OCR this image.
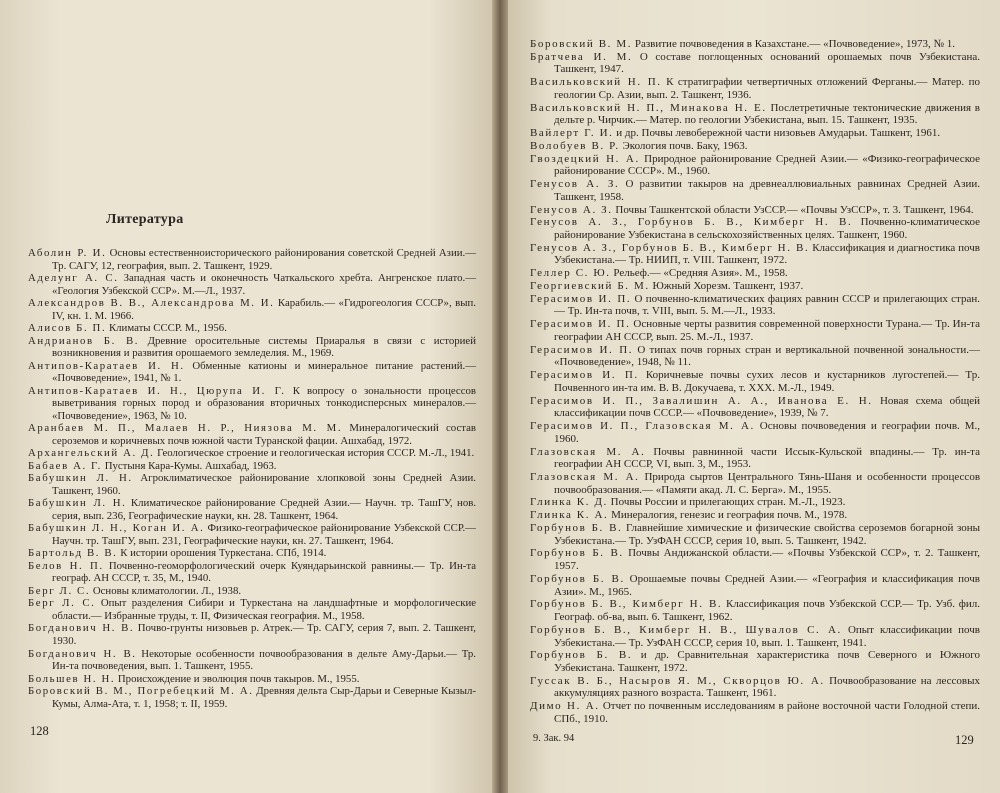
Литература
Аболин Р. И. Основы естественноисторического районирования советской Средней Азии.— Тр. САГУ, 12, география, вып. 2. Ташкент, 1929.
Аделунг А. С. Западная часть и оконечность Чаткальского хребта. Ангренское плато.— «Геология Узбекской ССР». М.—Л., 1937.
Александров В. В., Александрова М. И. Карабиль.— «Гидрогеология СССР», вып. IV, кн. 1. М. 1966.
Алисов Б. П. Климаты СССР. М., 1956.
Андрианов Б. В. Древние оросительные системы Приаралья в связи с историей возникновения и развития орошаемого земледелия. М., 1969.
Антипов-Каратаев И. Н. Обменные катионы и минеральное питание растений.— «Почвоведение», 1941, № 1.
Антипов-Каратаев И. Н., Цюрупа И. Г. К вопросу о зональности процессов выветривания горных пород и образования вторичных тонкодисперсных минералов.— «Почвоведение», 1963, № 10.
Аранбаев М. П., Малаев Н. Р., Ниязова М. М. Минералогический состав сероземов и коричневых почв южной части Туранской фации. Ашхабад, 1972.
Архангельский А. Д. Геологическое строение и геологическая история СССР. М.-Л., 1941.
Бабаев А. Г. Пустыня Кара-Кумы. Ашхабад, 1963.
Бабушкин Л. Н. Агроклиматическое районирование хлопковой зоны Средней Азии. Ташкент, 1960.
Бабушкин Л. Н. Климатическое районирование Средней Азии.— Научн. тр. ТашГУ, нов. серия, вып. 236, Географические науки, кн. 28. Ташкент, 1964.
Бабушкин Л. Н., Коган И. А. Физико-географическое районирование Узбекской ССР.— Научн. тр. ТашГУ, вып. 231, Географические науки, кн. 27. Ташкент, 1964.
Бартольд В. В. К истории орошения Туркестана. СПб, 1914.
Белов Н. П. Почвенно-геоморфологический очерк Куяндарьинской равнины.— Тр. Ин-та географ. АН СССР, т. 35, М., 1940.
Берг Л. С. Основы климатологии. Л., 1938.
Берг Л. С. Опыт разделения Сибири и Туркестана на ландшафтные и морфологические области.— Избранные труды, т. II, Физическая география. М., 1958.
Богданович Н. В. Почво-грунты низовьев р. Атрек.— Тр. САГУ, серия 7, вып. 2. Ташкент, 1930.
Богданович Н. В. Некоторые особенности почвообразования в дельте Аму-Дарьи.— Тр. Ин-та почвоведения, вып. 1. Ташкент, 1955.
Большев Н. Н. Происхождение и эволюция почв такыров. М., 1955.
Боровский В. М., Погребецкий М. А. Древняя дельта Сыр-Дарьи и Северные Кызыл-Кумы, Алма-Ата, т. 1, 1958; т. II, 1959.
128
Боровский В. М. Развитие почвоведения в Казахстане.— «Почвоведение», 1973, № 1.
Братчева И. М. О составе поглощенных оснований орошаемых почв Узбекистана. Ташкент, 1947.
Васильковский Н. П. К стратиграфии четвертичных отложений Ферганы.— Матер. по геологии Ср. Азии, вып. 2. Ташкент, 1936.
Васильковский Н. П., Минакова Н. Е. Послетретичные тектонические движения в дельте р. Чирчик.— Матер. по геологии Узбекистана, вып. 15. Ташкент, 1935.
Вайлерт Г. И. и др. Почвы левобережной части низовьев Амударьи. Ташкент, 1961.
Волобуев В. Р. Экология почв. Баку, 1963.
Гвоздецкий Н. А. Природное районирование Средней Азии.— «Физико-географическое районирование СССР». М., 1960.
Генусов А. З. О развитии такыров на древнеаллювиальных равнинах Средней Азии. Ташкент, 1958.
Генусов А. З. Почвы Ташкентской области УзССР.— «Почвы УзССР», т. 3. Ташкент, 1964.
Генусов А. З., Горбунов Б. В., Кимберг Н. В. Почвенно-климатическое районирование Узбекистана в сельскохозяйственных целях. Ташкент, 1960.
Генусов А. З., Горбунов Б. В., Кимберг Н. В. Классификация и диагностика почв Узбекистана.— Тр. НИИП, т. VIII. Ташкент, 1972.
Геллер С. Ю. Рельеф.— «Средняя Азия». М., 1958.
Георгиевский Б. М. Южный Хорезм. Ташкент, 1937.
Герасимов И. П. О почвенно-климатических фациях равнин СССР и прилегающих стран.— Тр. Ин-та почв, т. VIII, вып. 5. М.—Л., 1933.
Герасимов И. П. Основные черты развития современной поверхности Турана.— Тр. Ин-та географии АН СССР, вып. 25. М.-Л., 1937.
Герасимов И. П. О типах почв горных стран и вертикальной почвенной зональности.— «Почвоведение», 1948, № 11.
Герасимов И. П. Коричневые почвы сухих лесов и кустарников лугостепей.— Тр. Почвенного ин-та им. В. В. Докучаева, т. XXX. М.-Л., 1949.
Герасимов И. П., Завалишин А. А., Иванова Е. Н. Новая схема общей классификации почв СССР.— «Почвоведение», 1939, № 7.
Герасимов И. П., Глазовская М. А. Основы почвоведения и географии почв. М., 1960.
Глазовская М. А. Почвы равнинной части Иссык-Кульской впадины.— Тр. ин-та географии АН СССР, VI, вып. 3, М., 1953.
Глазовская М. А. Природа сыртов Центрального Тянь-Шаня и особенности процессов почвообразования.— «Памяти акад. Л. С. Берга». М., 1955.
Глинка К. Д. Почвы России и прилегающих стран. М.-Л., 1923.
Глинка К. А. Минералогия, генезис и география почв. М., 1978.
Горбунов Б. В. Главнейшие химические и физические свойства сероземов богарной зоны Узбекистана.— Тр. УзФАН СССР, серия 10, вып. 5. Ташкент, 1942.
Горбунов Б. В. Почвы Андижанской области.— «Почвы Узбекской ССР», т. 2. Ташкент, 1957.
Горбунов Б. В. Орошаемые почвы Средней Азии.— «География и классификация почв Азии». М., 1965.
Горбунов Б. В., Кимберг Н. В. Классификация почв Узбекской ССР.— Тр. Узб. фил. Географ. об-ва, вып. 6. Ташкент, 1962.
Горбунов Б. В., Кимберг Н. В., Шувалов С. А. Опыт классификации почв Узбекистана.— Тр. УзФАН СССР, серия 10, вып. 1. Ташкент, 1941.
Горбунов Б. В. и др. Сравнительная характеристика почв Северного и Южного Узбекистана. Ташкент, 1972.
Гуссак В. Б., Насыров Я. М., Скворцов Ю. А. Почвообразование на лессовых аккумуляциях разного возраста. Ташкент, 1961.
Димо Н. А. Отчет по почвенным исследованиям в районе восточной части Голодной степи. СПб., 1910.
9. Зак. 94	129
